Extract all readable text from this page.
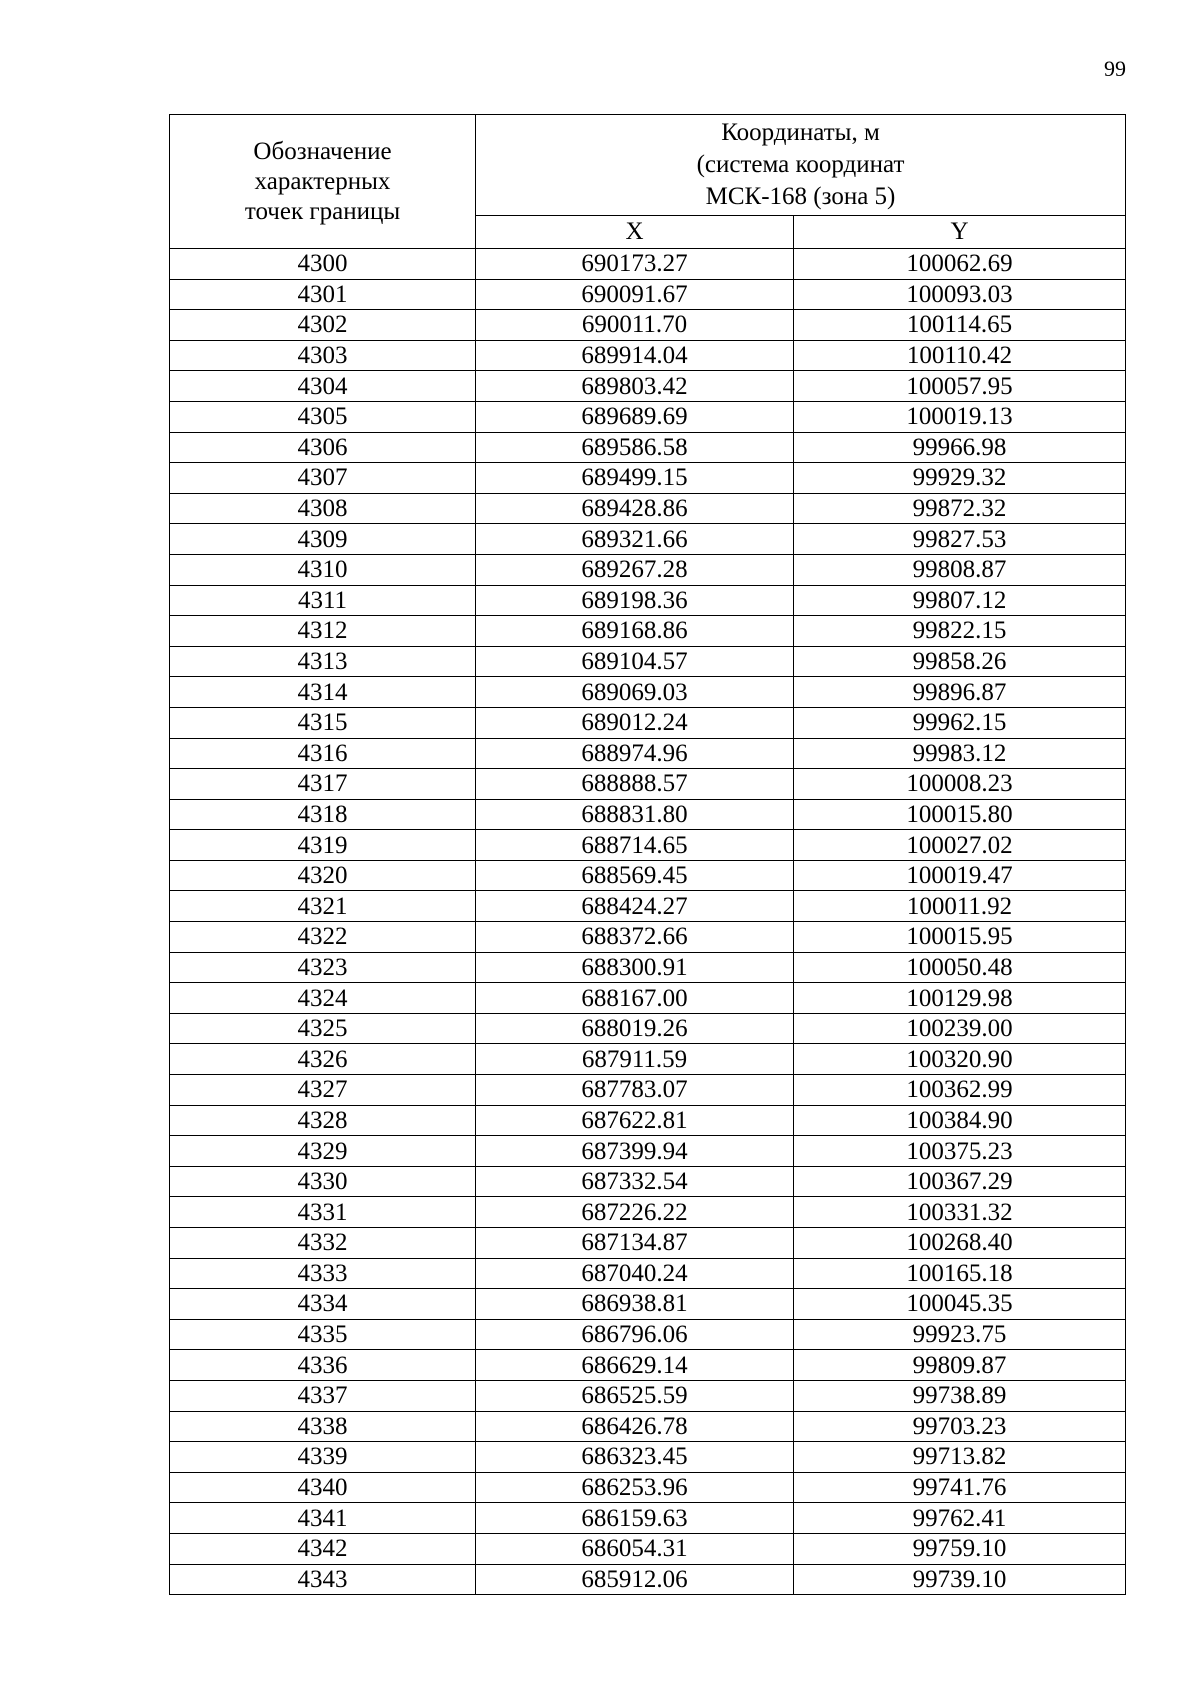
99
Обозначение
характерных
точек границы	Координаты, м
(система координат
МСК-168 (зона 5)	

	X	Y
4300	690173.27	100062.69
4301	690091.67	100093.03
4302	690011.70	100114.65
4303	689914.04	100110.42
4304	689803.42	100057.95
4305	689689.69	100019.13
4306	689586.58	99966.98
4307	689499.15	99929.32
4308	689428.86	99872.32
4309	689321.66	99827.53
4310	689267.28	99808.87
4311	689198.36	99807.12
4312	689168.86	99822.15
4313	689104.57	99858.26
4314	689069.03	99896.87
4315	689012.24	99962.15
4316	688974.96	99983.12
4317	688888.57	100008.23
4318	688831.80	100015.80
4319	688714.65	100027.02
4320	688569.45	100019.47
4321	688424.27	100011.92
4322	688372.66	100015.95
4323	688300.91	100050.48
4324	688167.00	100129.98
4325	688019.26	100239.00
4326	687911.59	100320.90
4327	687783.07	100362.99
4328	687622.81	100384.90
4329	687399.94	100375.23
4330	687332.54	100367.29
4331	687226.22	100331.32
4332	687134.87	100268.40
4333	687040.24	100165.18
4334	686938.81	100045.35
4335	686796.06	99923.75
4336	686629.14	99809.87
4337	686525.59	99738.89
4338	686426.78	99703.23
4339	686323.45	99713.82
4340	686253.96	99741.76
4341	686159.63	99762.41
4342	686054.31	99759.10
4343	685912.06	99739.10
